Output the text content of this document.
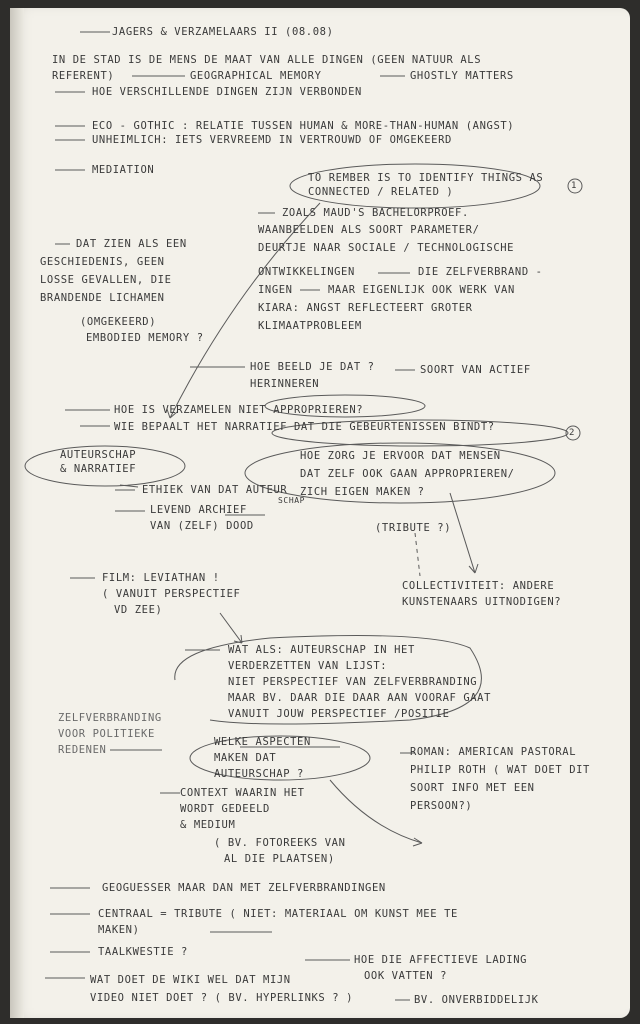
JAGERS & VERZAMELAARS II (08.08)
IN DE STAD IS DE MENS DE MAAT VAN ALLE DINGEN (GEEN NATUUR ALS
REFERENT)	GEOGRAPHICAL MEMORY	GHOSTLY MATTERS
HOE VERSCHILLENDE DINGEN ZIJN VERBONDEN
ECO - GOTHIC : RELATIE TUSSEN HUMAN & MORE-THAN-HUMAN (ANGST)
UNHEIMLICH: IETS VERVREEMD IN VERTROUWD OF OMGEKEERD
MEDIATION
TO REMBER IS TO IDENTIFY THINGS AS
CONNECTED / RELATED )
ZOALS MAUD'S BACHELORPROEF.
WAANBEELDEN ALS SOORT PARAMETER/
DEURTJE NAAR SOCIALE / TECHNOLOGISCHE
ONTWIKKELINGEN	DIE ZELFVERBRAND -
INGEN	MAAR EIGENLIJK OOK WERK VAN
KIARA: ANGST REFLECTEERT GROTER
KLIMAATPROBLEEM
DAT ZIEN ALS EEN
GESCHIEDENIS, GEEN
LOSSE GEVALLEN, DIE
BRANDENDE LICHAMEN
(OMGEKEERD)
EMBODIED MEMORY ?
HOE BEELD JE DAT ?	SOORT VAN ACTIEF
HERINNEREN
HOE IS VERZAMELEN NIET APPROPRIEREN?
WIE BEPAALT HET NARRATIEF DAT DIE GEBEURTENISSEN BINDT?
AUTEURSCHAP
& NARRATIEF
HOE ZORG JE ERVOOR DAT MENSEN
DAT ZELF OOK GAAN APPROPRIEREN/
ZICH EIGEN MAKEN ?
ETHIEK VAN DAT AUTEUR
SCHAP
LEVEND ARCHIEF
VAN (ZELF) DOOD	(TRIBUTE ?)
FILM: LEVIATHAN !
( VANUIT PERSPECTIEF
VD ZEE)
COLLECTIVITEIT: ANDERE
KUNSTENAARS UITNODIGEN?
WAT ALS: AUTEURSCHAP IN HET
VERDERZETTEN VAN LIJST:
NIET PERSPECTIEF VAN ZELFVERBRANDING
MAAR BV. DAAR DIE DAAR AAN VOORAF GAAT
VANUIT JOUW PERSPECTIEF /POSITIE
ZELFVERBRANDING
VOOR POLITIEKE
REDENEN
WELKE ASPECTEN
MAKEN DAT
AUTEURSCHAP ?
ROMAN: AMERICAN PASTORAL
PHILIP ROTH ( WAT DOET DIT
SOORT INFO MET EEN
PERSOON?)
CONTEXT WAARIN HET
WORDT GEDEELD
& MEDIUM
( BV. FOTOREEKS VAN
AL DIE PLAATSEN)
GEOGUESSER MAAR DAN MET ZELFVERBRANDINGEN
CENTRAAL = TRIBUTE ( NIET: MATERIAAL OM KUNST MEE TE
MAKEN)
TAALKWESTIE ?
HOE DIE AFFECTIEVE LADING
OOK VATTEN ?
WAT DOET DE WIKI WEL DAT MIJN
VIDEO NIET DOET ? ( BV. HYPERLINKS ? )	BV. ONVERBIDDELIJK
1
2
